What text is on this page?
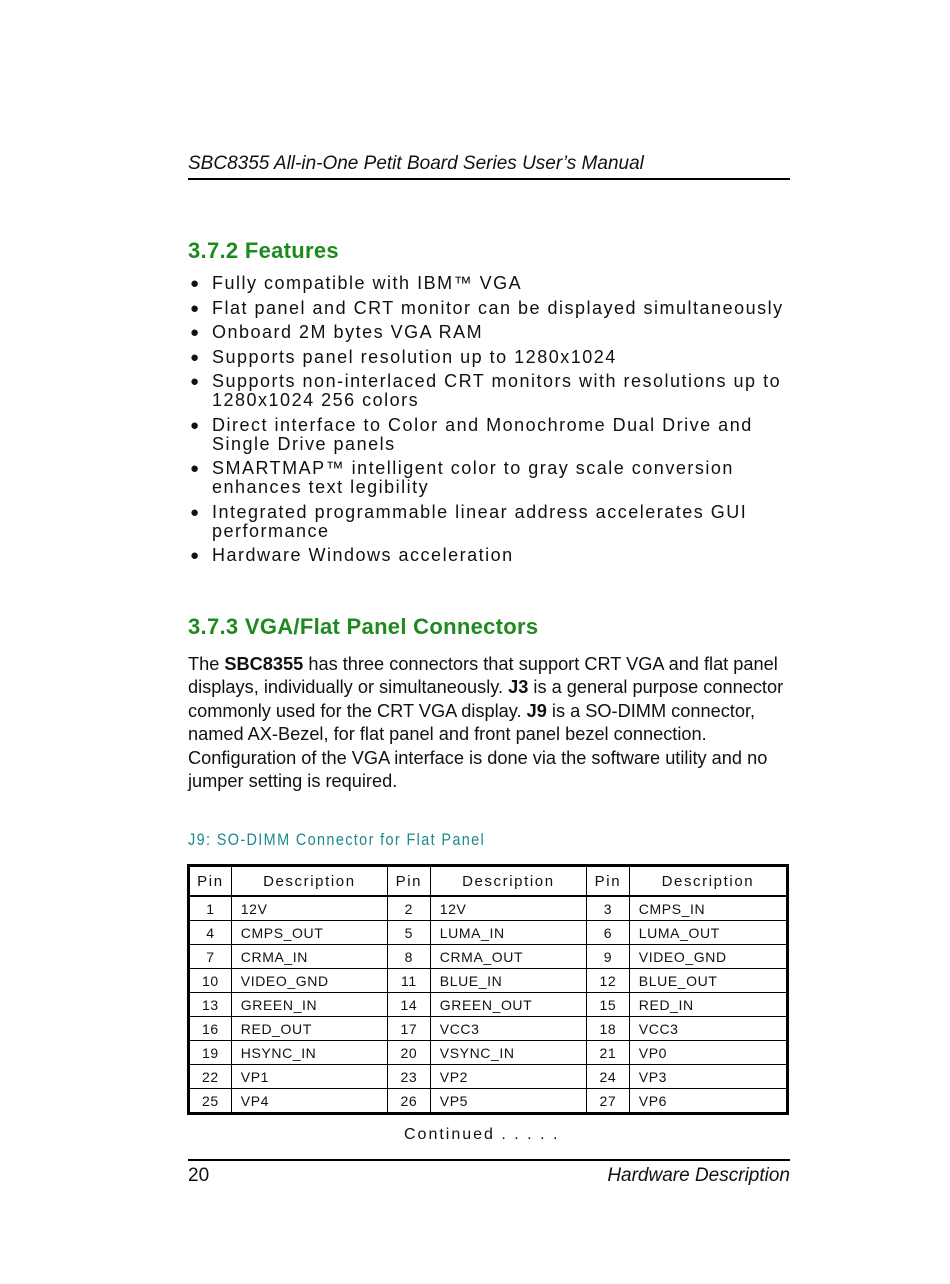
SBC8355 All-in-One Petit Board Series User’s Manual
3.7.2 Features
● Fully compatible with IBM™ VGA
● Flat panel and CRT monitor can be displayed simultaneously
● Onboard 2M bytes VGA RAM
● Supports panel resolution up to 1280x1024
● Supports non-interlaced CRT monitors with resolutions up to 1280x1024 256 colors
● Direct interface to Color and Monochrome Dual Drive and Single Drive panels
● SMARTMAP™ intelligent color to gray scale conversion enhances text legibility
● Integrated programmable linear address accelerates GUI performance
● Hardware Windows acceleration
3.7.3 VGA/Flat Panel Connectors

The SBC8355 has three connectors that support CRT VGA and flat panel displays, individually or simultaneously. J3 is a general purpose connector commonly used for the CRT VGA display. J9 is a SO-DIMM connector, named AX-Bezel, for flat panel and front panel bezel connection. Configuration of the VGA interface is done via the software utility and no jumper setting is required.

J9: SO-DIMM Connector for Flat Panel
Pin	Description	Pin	Description	Pin	Description
1	12V	2	12V	3	CMPS_IN
4	CMPS_OUT	5	LUMA_IN	6	LUMA_OUT
7	CRMA_IN	8	CRMA_OUT	9	VIDEO_GND
10	VIDEO_GND	11	BLUE_IN	12	BLUE_OUT
13	GREEN_IN	14	GREEN_OUT	15	RED_IN
16	RED_OUT	17	VCC3	18	VCC3
19	HSYNC_IN	20	VSYNC_IN	21	VP0
22	VP1	23	VP2	24	VP3
25	VP4	26	VP5	27	VP6
Continued . . . . .
20	Hardware Description
